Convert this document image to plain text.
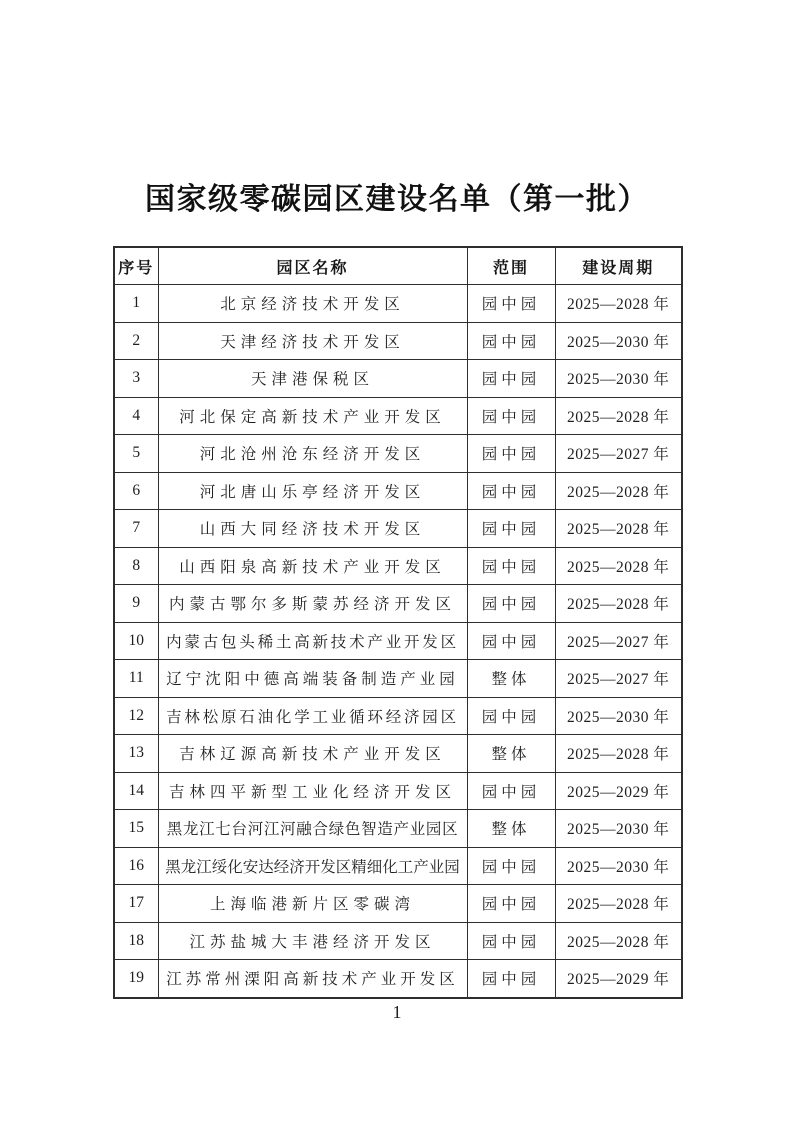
国家级零碳园区建设名单（第一批）
序号	园区名称	范围	建设周期
1	北京经济技术开发区	园中园	2025—2028 年
2	天津经济技术开发区	园中园	2025—2030 年
3	天津港保税区	园中园	2025—2030 年
4	河北保定高新技术产业开发区	园中园	2025—2028 年
5	河北沧州沧东经济开发区	园中园	2025—2027 年
6	河北唐山乐亭经济开发区	园中园	2025—2028 年
7	山西大同经济技术开发区	园中园	2025—2028 年
8	山西阳泉高新技术产业开发区	园中园	2025—2028 年
9	内蒙古鄂尔多斯蒙苏经济开发区	园中园	2025—2028 年
10	内蒙古包头稀土高新技术产业开发区	园中园	2025—2027 年
11	辽宁沈阳中德高端装备制造产业园	整体	2025—2027 年
12	吉林松原石油化学工业循环经济园区	园中园	2025—2030 年
13	吉林辽源高新技术产业开发区	整体	2025—2028 年
14	吉林四平新型工业化经济开发区	园中园	2025—2029 年
15	黑龙江七台河江河融合绿色智造产业园区	整体	2025—2030 年
16	黑龙江绥化安达经济开发区精细化工产业园	园中园	2025—2030 年
17	上海临港新片区零碳湾	园中园	2025—2028 年
18	江苏盐城大丰港经济开发区	园中园	2025—2028 年
19	江苏常州溧阳高新技术产业开发区	园中园	2025—2029 年
1
